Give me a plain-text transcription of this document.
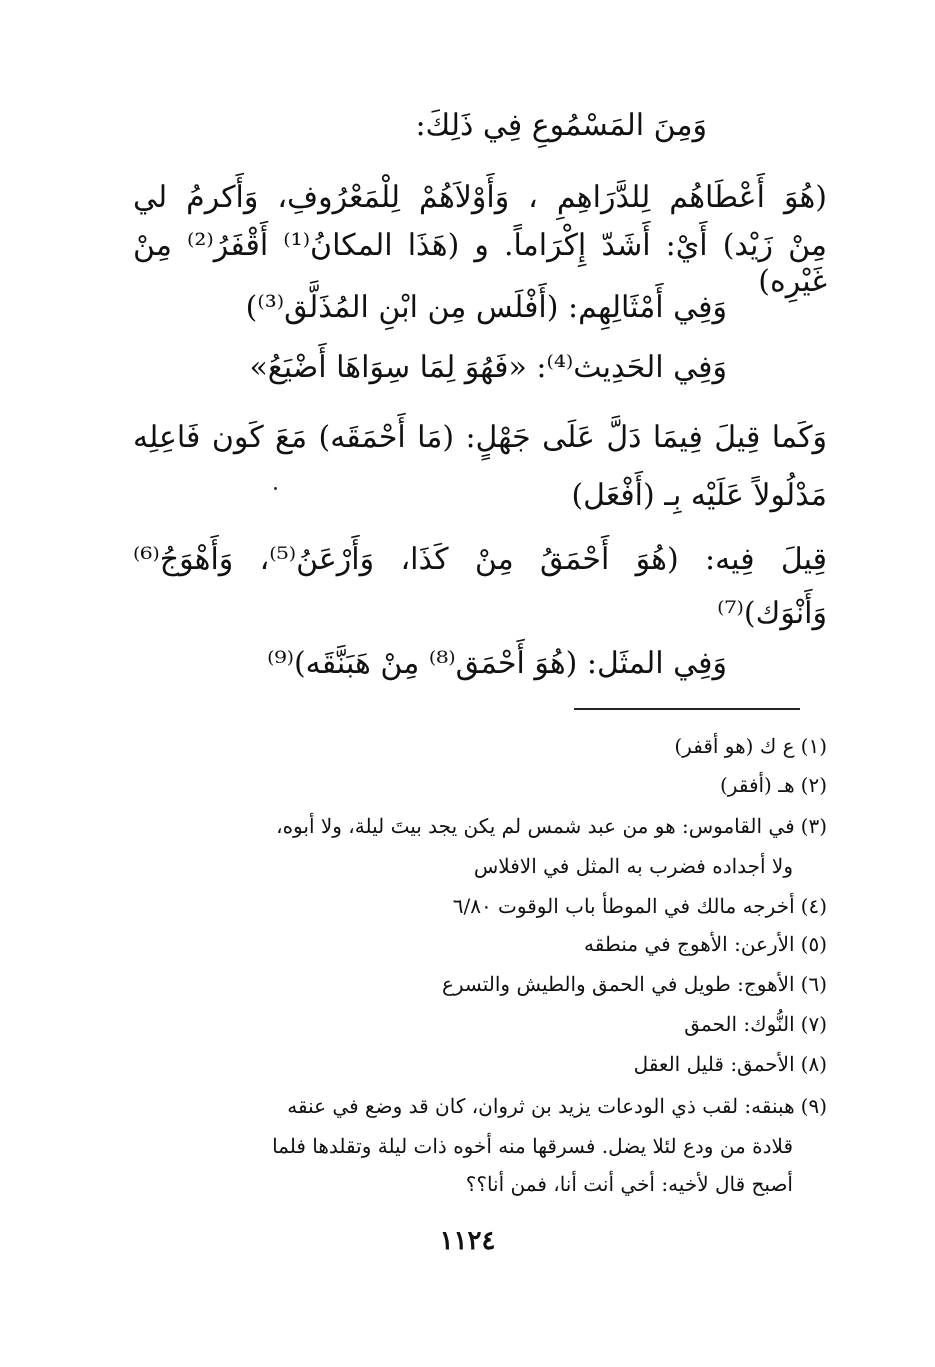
وَمِنَ المَسْمُوعِ فِي ذَلِكَ:
(هُوَ أَعْطَاهُم لِلدَّرَاهِمِ ، وَأَوْلاَهُمْ لِلْمَعْرُوفِ، وَأَكرمُ لي
مِنْ زَيْد) أَيْ: أَشَدّ إِكْرَاماً. و (هَذَا المكانُ⁽¹⁾ أَقْفَرُ⁽²⁾ مِنْ غَيْرِه)
وَفِي أَمْثَالِهِم: (أَفْلَس مِن ابْنِ المُذَلَّق⁽³⁾)
وَفِي الحَدِيث⁽⁴⁾: «فَهُوَ لِمَا سِوَاهَا أَضْيَعُ»
وَكَما قِيلَ فِيمَا دَلَّ عَلَى جَهْلٍ: (مَا أَحْمَقَه) مَعَ كَون فَاعِلِه
مَدْلُولاً عَلَيْه بِـ (أَفْعَل)
قِيلَ فِيه: (هُوَ أَحْمَقُ مِنْ كَذَا، وَأَرْعَنُ⁽⁵⁾، وَأَهْوَجُ⁽⁶⁾
وَأَنْوَك)⁽⁷⁾
وَفِي المثَل: (هُوَ أَحْمَق⁽⁸⁾ مِنْ هَبَنَّقَه)⁽⁹⁾
(١)ع ك (هو أقفر)
(٢)هـ (أفقر)
(٣)في القاموس: هو من عبد شمس لم يكن يجد بيتَ ليلة، ولا أبوه،
ولا أجداده فضرب به المثل في الافلاس
(٤)أخرجه مالك في الموطأ باب الوقوت ٦/٨٠
(٥)الأرعن: الأهوج في منطقه
(٦)الأهوج: طويل في الحمق والطيش والتسرع
(٧)النُّوك: الحمق
(٨)الأحمق: قليل العقل
(٩)هبنقه: لقب ذي الودعات يزيد بن ثروان، كان قد وضع في عنقه
قلادة من ودع لئلا يضل. فسرقها منه أخوه ذات ليلة وتقلدها فلما
أصبح قال لأخيه: أخي أنت أنا، فمن أنا؟؟
١١٢٤
